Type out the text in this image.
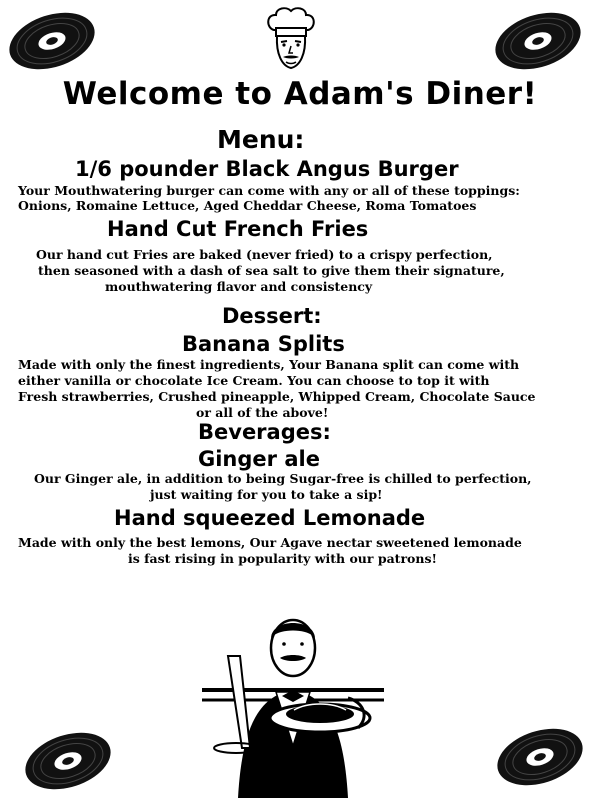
Welcome to Adam's Diner!
Menu:
1/6 pounder Black Angus Burger
Your Mouthwatering burger can come with any or all of these toppings:
Onions, Romaine Lettuce, Aged Cheddar Cheese, Roma Tomatoes
Hand Cut French Fries
Our hand cut Fries are baked (never fried) to a crispy perfection,
then seasoned with a dash of sea salt to give them their signature,
mouthwatering flavor and consistency
Dessert:
Banana Splits
Made with only the finest ingredients, Your Banana split can come with
either vanilla or chocolate Ice Cream. You can choose to top it with
Fresh strawberries, Crushed pineapple, Whipped Cream, Chocolate Sauce
or all of the above!
Beverages:
Ginger ale
Our Ginger ale, in addition to being Sugar-free is chilled to perfection,
just waiting for you to take a sip!
Hand squeezed Lemonade
Made with only the best lemons, Our Agave nectar sweetened lemonade
is fast rising in popularity with our patrons!
